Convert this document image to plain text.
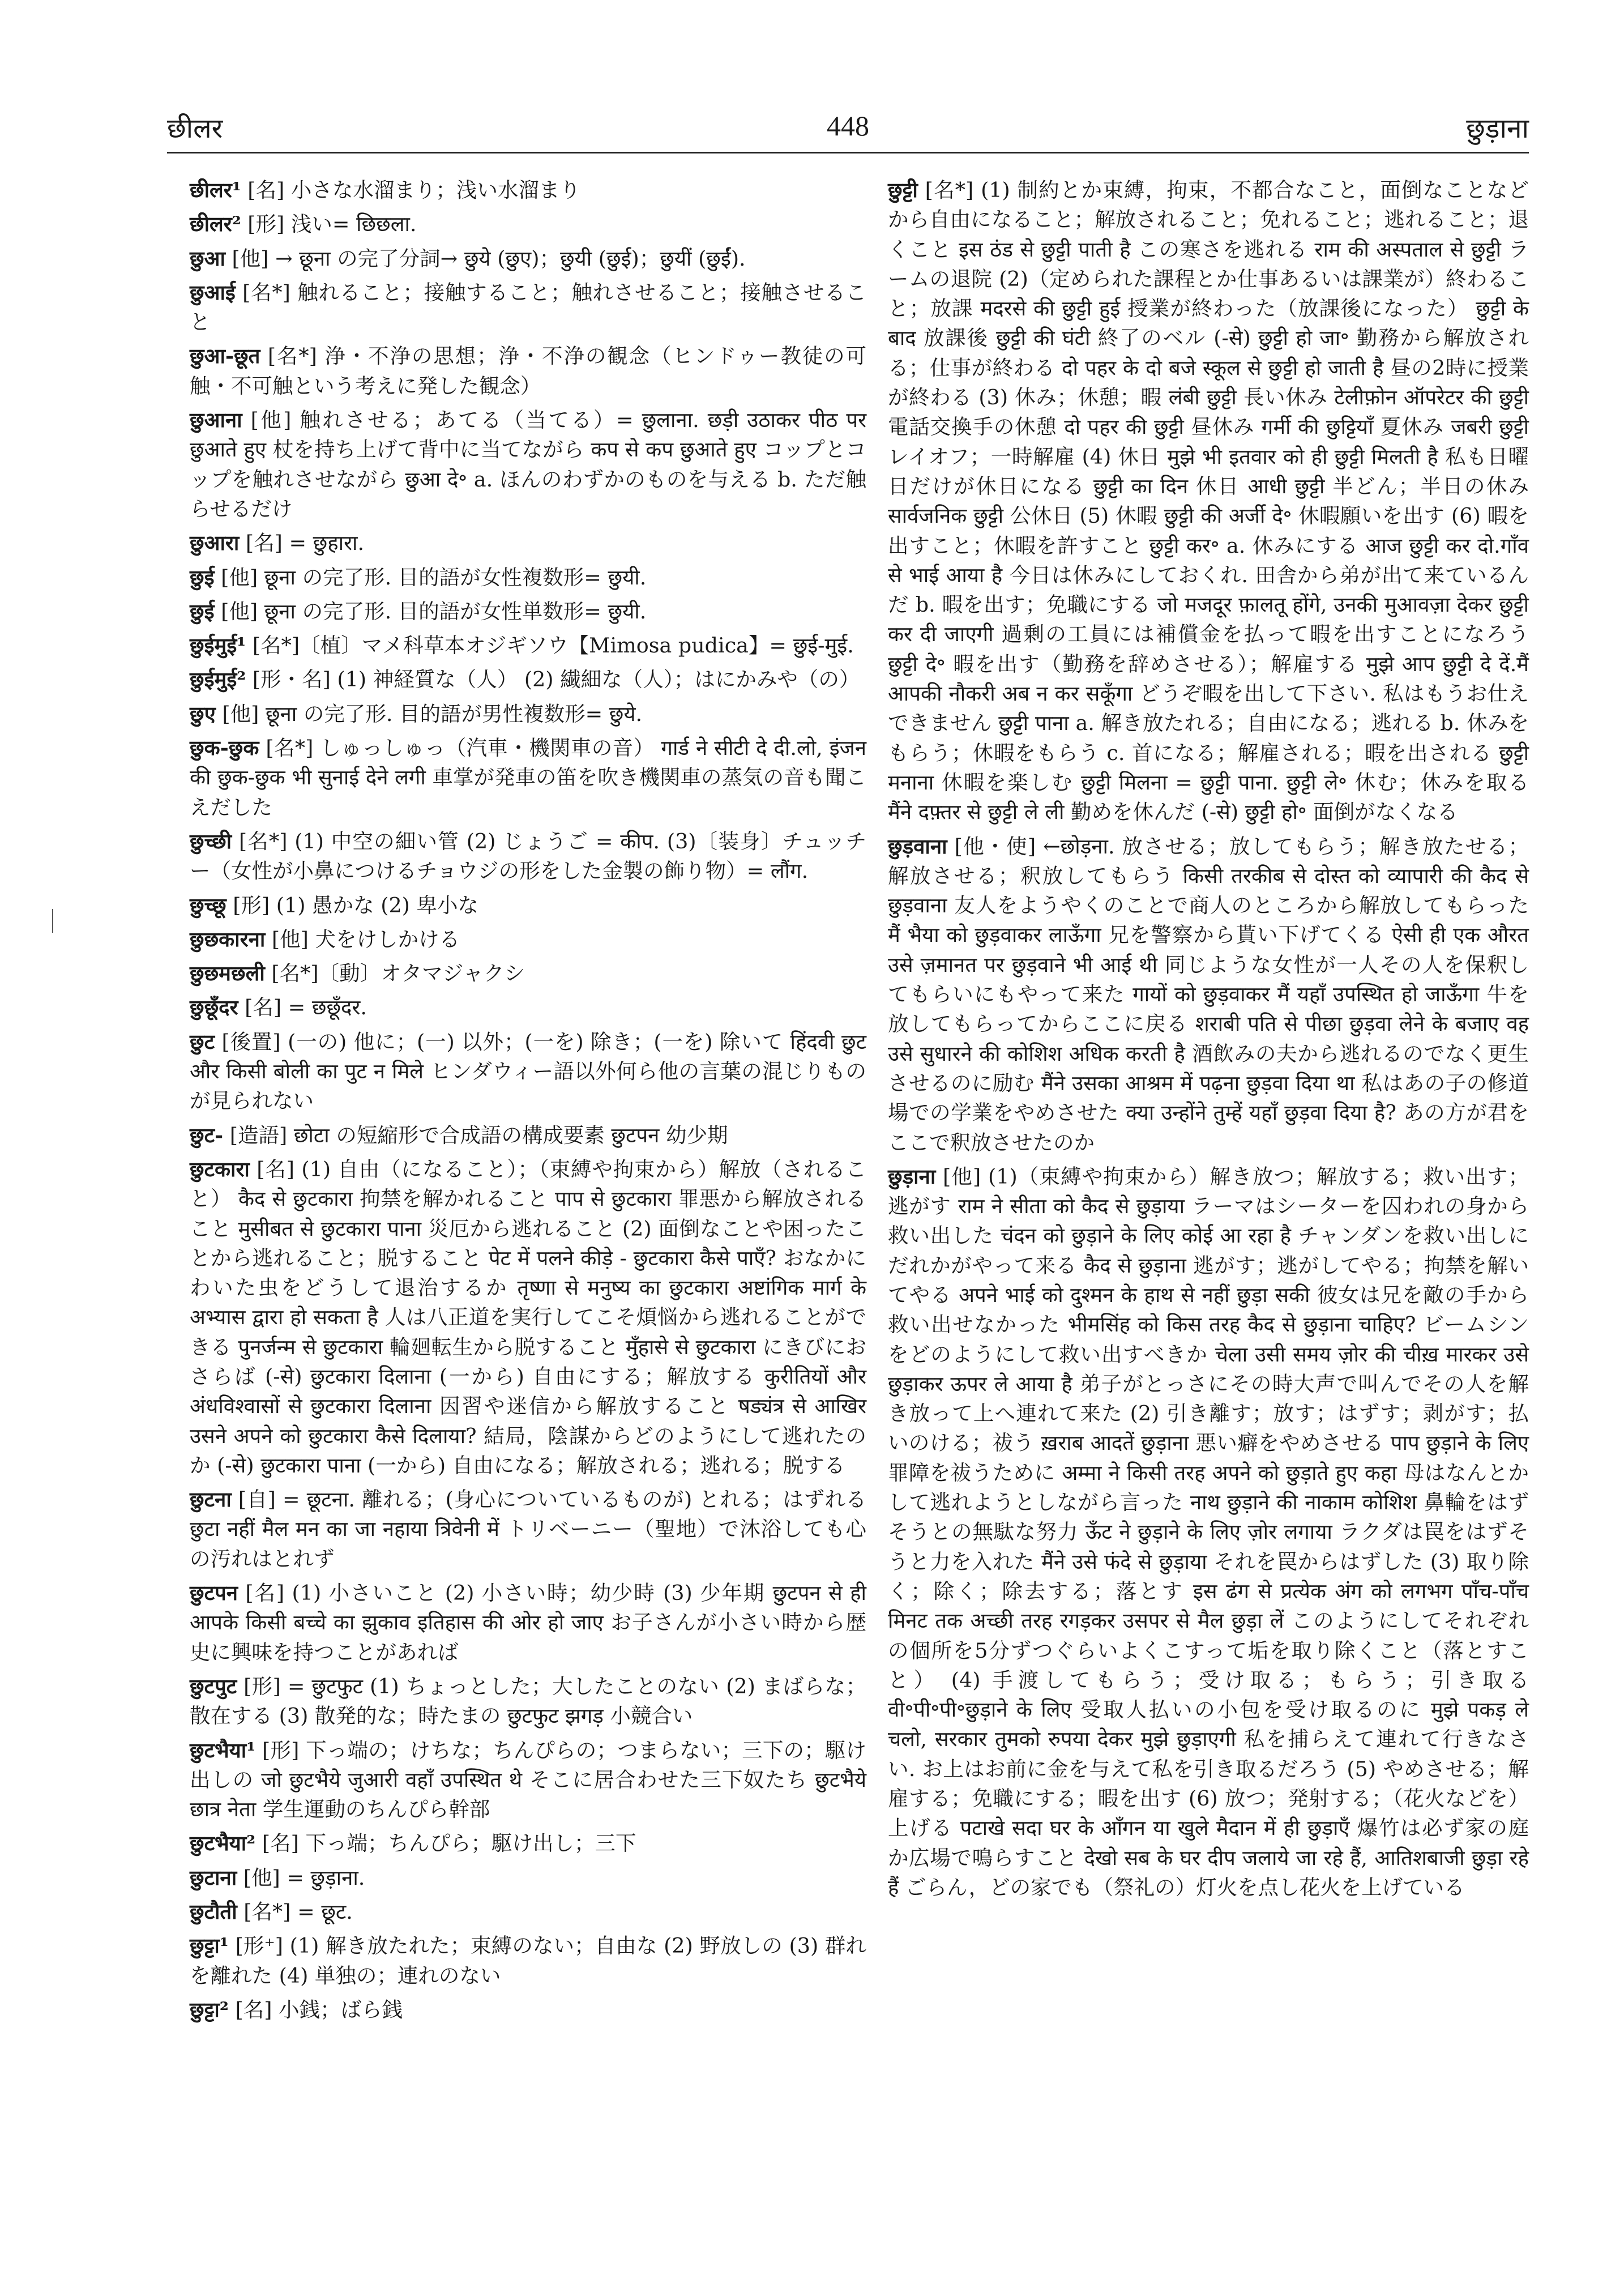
छीलर	448	छुड़ाना

छीलर¹ [名] 小さな水溜まり；浅い水溜まり

छीलर² [形] 浅い= छिछला.

छुआ [他] → छूना の完了分詞→ छुये (छुए)；छुयी (छुई)；छुयीं (छुईं).

छुआई [名*] 触れること；接触すること；触れさせること；接触させること

छुआ-छूत [名*] 浄・不浄の思想；浄・不浄の観念（ヒンドゥー教徒の可触・不可触という考えに発した観念）

छुआना [他] 触れさせる；あてる（当てる）= छुलाना. छड़ी उठाकर पीठ पर छुआते हुए 杖を持ち上げて背中に当てながら कप से कप छुआते हुए コップとコップを触れさせながら छुआ दे॰ a. ほんのわずかのものを与える b. ただ触らせるだけ

छुआरा [名] = छुहारा.

छुई [他] छूना の完了形. 目的語が女性複数形= छुयी.

छुई [他] छूना の完了形. 目的語が女性単数形= छुयी.

छुईमुई¹ [名*]〔植〕マメ科草本オジギソウ【Mimosa pudica】= छुई-मुई.

छुईमुई² [形・名] (1) 神経質な（人） (2) 繊細な（人）；はにかみや（の）

छुए [他] छूना の完了形. 目的語が男性複数形= छुये.

छुक-छुक [名*] しゅっしゅっ（汽車・機関車の音） गार्ड ने सीटी दे दी.लो, इंजन की छुक-छुक भी सुनाई देने लगी 車掌が発車の笛を吹き機関車の蒸気の音も聞こえだした

छुच्छी [名*] (1) 中空の細い管 (2) じょうご = कीप. (3)〔装身〕チュッチー（女性が小鼻につけるチョウジの形をした金製の飾り物）= लौंग.

छुच्छू [形] (1) 愚かな (2) 卑小な

छुछकारना [他] 犬をけしかける

छुछमछली [名*]〔動〕オタマジャクシ

छुछूँदर [名] = छछूँदर.

छुट [後置] (一の) 他に；(一) 以外；(一を) 除き；(一を) 除いて हिंदवी छुट और किसी बोली का पुट न मिले ヒンダウィー語以外何ら他の言葉の混じりものが見られない

छुट- [造語] छोटा の短縮形で合成語の構成要素 छुटपन 幼少期

छुटकारा [名] (1) 自由（になること）；（束縛や拘束から）解放（されること） कैद से छुटकारा 拘禁を解かれること पाप से छुटकारा 罪悪から解放されること मुसीबत से छुटकारा पाना 災厄から逃れること (2) 面倒なことや困ったことから逃れること；脱すること पेट में पलने कीड़े - छुटकारा कैसे पाएँ? おなかにわいた虫をどうして退治するか तृष्णा से मनुष्य का छुटकारा अष्टांगिक मार्ग के अभ्यास द्वारा हो सकता है 人は八正道を実行してこそ煩悩から逃れることができる पुनर्जन्म से छुटकारा 輪廻転生から脱すること मुँहासे से छुटकारा にきびにおさらば (-से) छुटकारा दिलाना (一から) 自由にする；解放する कुरीतियों और अंधविश्वासों से छुटकारा दिलाना 因習や迷信から解放すること षड्यंत्र से आखिर उसने अपने को छुटकारा कैसे दिलाया? 結局，陰謀からどのようにして逃れたのか (-से) छुटकारा पाना (一から) 自由になる；解放される；逃れる；脱する

छुटना [自] = छूटना. 離れる；(身心についているものが) とれる；はずれる छुटा नहीं मैल मन का जा नहाया त्रिवेनी में トリベーニー（聖地）で沐浴しても心の汚れはとれず

छुटपन [名] (1) 小さいこと (2) 小さい時；幼少時 (3) 少年期 छुटपन से ही आपके किसी बच्चे का झुकाव इतिहास की ओर हो जाए お子さんが小さい時から歴史に興味を持つことがあれば

छुटपुट [形] = छुटफुट (1) ちょっとした；大したことのない (2) まばらな；散在する (3) 散発的な；時たまの छुटफुट झगड़ 小競合い

छुटभैया¹ [形] 下っ端の；けちな；ちんぴらの；つまらない；三下の；駆け出しの जो छुटभैये जुआरी वहाँ उपस्थित थे そこに居合わせた三下奴たち छुटभैये छात्र नेता 学生運動のちんぴら幹部

छुटभैया² [名] 下っ端；ちんぴら；駆け出し；三下

छुटाना [他] = छुड़ाना.

छुटौती [名*] = छूट.

छुट्टा¹ [形⁺] (1) 解き放たれた；束縛のない；自由な (2) 野放しの (3) 群れを離れた (4) 単独の；連れのない

छुट्टा² [名] 小銭；ばら銭

छुट्टी [名*] (1) 制約とか束縛，拘束，不都合なこと，面倒なことなどから自由になること；解放されること；免れること；逃れること；退くこと इस ठंड से छुट्टी पाती है この寒さを逃れる राम की अस्पताल से छुट्टी ラームの退院 (2)（定められた課程とか仕事あるいは課業が）終わること；放課 मदरसे की छुट्टी हुई 授業が終わった（放課後になった） छुट्टी के बाद 放課後 छुट्टी की घंटी 終了のベル (-से) छुट्टी हो जा॰ 勤務から解放される；仕事が終わる दो पहर के दो बजे स्कूल से छुट्टी हो जाती है 昼の2時に授業が終わる (3) 休み；休憩；暇 लंबी छुट्टी 長い休み टेलीफ़ोन ऑपरेटर की छुट्टी 電話交換手の休憩 दो पहर की छुट्टी 昼休み गर्मी की छुट्टियाँ 夏休み जबरी छुट्टी レイオフ；一時解雇 (4) 休日 मुझे भी इतवार को ही छुट्टी मिलती है 私も日曜日だけが休日になる छुट्टी का दिन 休日 आधी छुट्टी 半どん；半日の休み सार्वजनिक छुट्टी 公休日 (5) 休暇 छुट्टी की अर्जी दे॰ 休暇願いを出す (6) 暇を出すこと；休暇を許すこと छुट्टी कर॰ a. 休みにする आज छुट्टी कर दो.गाँव से भाई आया है 今日は休みにしておくれ. 田舎から弟が出て来ているんだ b. 暇を出す；免職にする जो मजदूर फ़ालतू होंगे, उनकी मुआवज़ा देकर छुट्टी कर दी जाएगी 過剰の工員には補償金を払って暇を出すことになろう छुट्टी दे॰ 暇を出す（勤務を辞めさせる）；解雇する मुझे आप छुट्टी दे दें.मैं आपकी नौकरी अब न कर सकूँगा どうぞ暇を出して下さい. 私はもうお仕えできません छुट्टी पाना a. 解き放たれる；自由になる；逃れる b. 休みをもらう；休暇をもらう c. 首になる；解雇される；暇を出される छुट्टी मनाना 休暇を楽しむ छुट्टी मिलना = छुट्टी पाना. छुट्टी ले॰ 休む；休みを取る मैंने दफ़्तर से छुट्टी ले ली 勤めを休んだ (-से) छुट्टी हो॰ 面倒がなくなる

छुड़वाना [他・使] ←छोड़ना. 放させる；放してもらう；解き放たせる；解放させる；釈放してもらう किसी तरकीब से दोस्त को व्यापारी की कैद से छुड़वाना 友人をようやくのことで商人のところから解放してもらった मैं भैया को छुड़वाकर लाऊँगा 兄を警察から貰い下げてくる ऐसी ही एक औरत उसे ज़मानत पर छुड़वाने भी आई थी 同じような女性が一人その人を保釈してもらいにもやって来た गायों को छुड़वाकर मैं यहाँ उपस्थित हो जाऊँगा 牛を放してもらってからここに戻る शराबी पति से पीछा छुड़वा लेने के बजाए वह उसे सुधारने की कोशिश अधिक करती है 酒飲みの夫から逃れるのでなく更生させるのに励む मैंने उसका आश्रम में पढ़ना छुड़वा दिया था 私はあの子の修道場での学業をやめさせた क्या उन्होंने तुम्हें यहाँ छुड़वा दिया है? あの方が君をここで釈放させたのか

छुड़ाना [他] (1)（束縛や拘束から）解き放つ；解放する；救い出す；逃がす राम ने सीता को कैद से छुड़ाया ラーマはシーターを囚われの身から救い出した चंदन को छुड़ाने के लिए कोई आ रहा है チャンダンを救い出しにだれかがやって来る कैद से छुड़ाना 逃がす；逃がしてやる；拘禁を解いてやる अपने भाई को दुश्मन के हाथ से नहीं छुड़ा सकी 彼女は兄を敵の手から救い出せなかった भीमसिंह को किस तरह कैद से छुड़ाना चाहिए? ビームシンをどのようにして救い出すべきか चेला उसी समय ज़ोर की चीख़ मारकर उसे छुड़ाकर ऊपर ले आया है 弟子がとっさにその時大声で叫んでその人を解き放って上へ連れて来た (2) 引き離す；放す；はずす；剥がす；払いのける；祓う ख़राब आदतें छुड़ाना 悪い癖をやめさせる पाप छुड़ाने के लिए 罪障を祓うために अम्मा ने किसी तरह अपने को छुड़ाते हुए कहा 母はなんとかして逃れようとしながら言った नाथ छुड़ाने की नाकाम कोशिश 鼻輪をはずそうとの無駄な努力 ऊँट ने छुड़ाने के लिए ज़ोर लगाया ラクダは罠をはずそうと力を入れた मैंने उसे फंदे से छुड़ाया それを罠からはずした (3) 取り除く；除く；除去する；落とす इस ढंग से प्रत्येक अंग को लगभग पाँच-पाँच मिनट तक अच्छी तरह रगड़कर उसपर से मैल छुड़ा लें このようにしてそれぞれの個所を5分ずつぐらいよくこすって垢を取り除くこと（落とすこと） (4) 手渡してもらう；受け取る；もらう；引き取る वी॰पी॰पी॰छुड़ाने के लिए 受取人払いの小包を受け取るのに मुझे पकड़ ले चलो, सरकार तुमको रुपया देकर मुझे छुड़ाएगी 私を捕らえて連れて行きなさい. お上はお前に金を与えて私を引き取るだろう (5) やめさせる；解雇する；免職にする；暇を出す (6) 放つ；発射する；（花火などを）上げる पटाखे सदा घर के आँगन या खुले मैदान में ही छुड़ाएँ 爆竹は必ず家の庭か広場で鳴らすこと देखो सब के घर दीप जलाये जा रहे हैं, आतिशबाजी छुड़ा रहे हैं ごらん，どの家でも（祭礼の）灯火を点し花火を上げている
